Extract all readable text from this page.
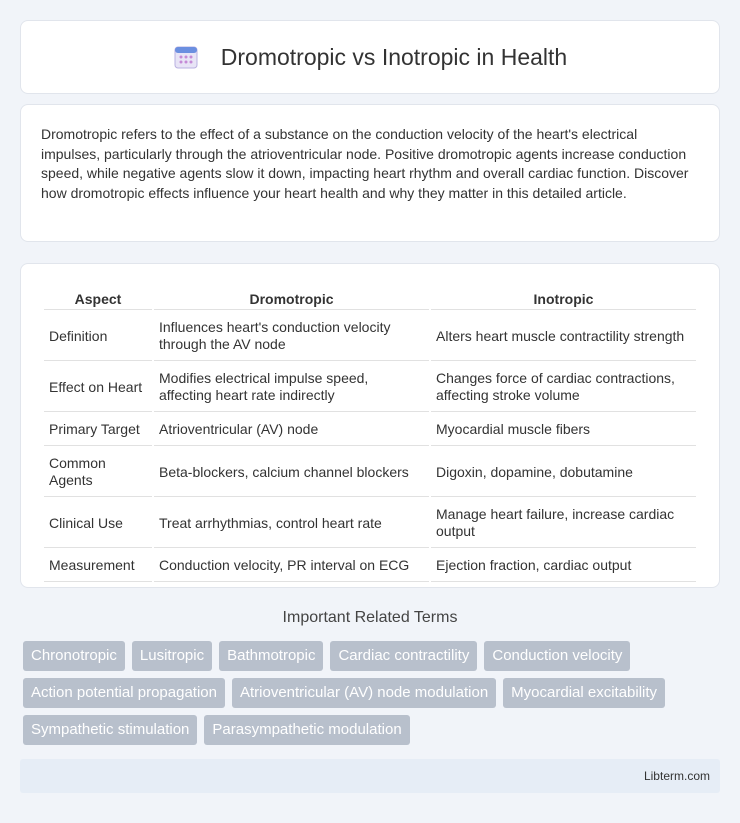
Dromotropic vs Inotropic in Health

Dromotropic refers to the effect of a substance on the conduction velocity of the heart's electrical impulses, particularly through the atrioventricular node. Positive dromotropic agents increase conduction speed, while negative agents slow it down, impacting heart rhythm and overall cardiac function. Discover how dromotropic effects influence your heart health and why they matter in this detailed article.

Aspect	Dromotropic	Inotropic
Definition	Influences heart's conduction velocity through the AV node	Alters heart muscle contractility strength
Effect on Heart	Modifies electrical impulse speed, affecting heart rate indirectly	Changes force of cardiac contractions, affecting stroke volume
Primary Target	Atrioventricular (AV) node	Myocardial muscle fibers
Common Agents	Beta-blockers, calcium channel blockers	Digoxin, dopamine, dobutamine
Clinical Use	Treat arrhythmias, control heart rate	Manage heart failure, increase cardiac output
Measurement	Conduction velocity, PR interval on ECG	Ejection fraction, cardiac output
Important Related Terms
Chronotropic	Lusitropic	Bathmotropic	Cardiac contractility	Conduction velocity
Action potential propagation	Atrioventricular (AV) node modulation	Myocardial excitability
Sympathetic stimulation	Parasympathetic modulation
Libterm.com
